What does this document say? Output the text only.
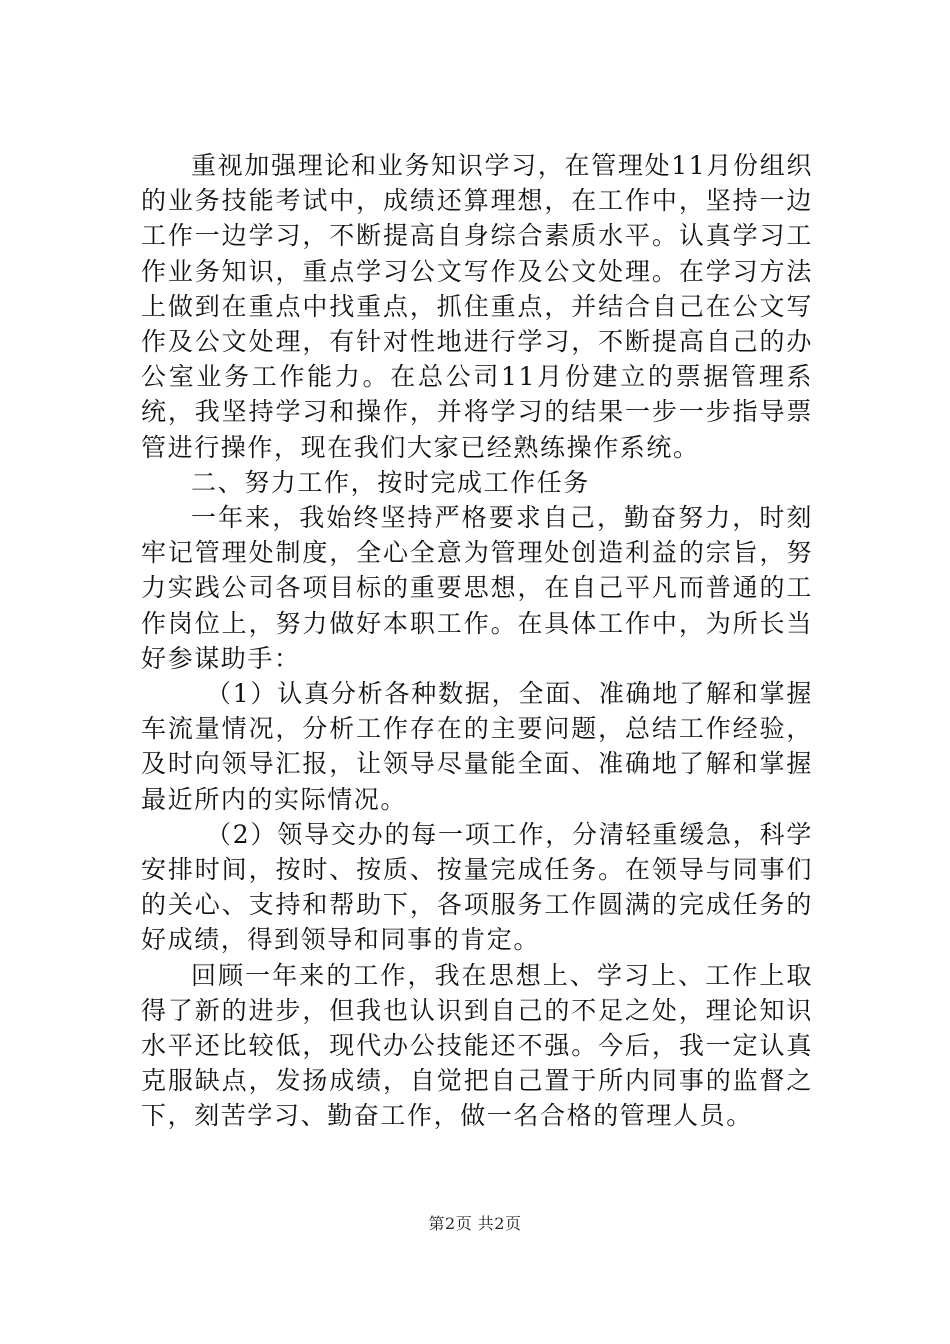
重视加强理论和业务知识学习，在管理处11月份组织的业务技能考试中，成绩还算理想，在工作中，坚持一边工作一边学习，不断提高自身综合素质水平。认真学习工作业务知识，重点学习公文写作及公文处理。在学习方法上做到在重点中找重点，抓住重点，并结合自己在公文写作及公文处理，有针对性地进行学习，不断提高自己的办公室业务工作能力。在总公司11月份建立的票据管理系统，我坚持学习和操作，并将学习的结果一步一步指导票管进行操作，现在我们大家已经熟练操作系统。

二、努力工作，按时完成工作任务

一年来，我始终坚持严格要求自己，勤奋努力，时刻牢记管理处制度，全心全意为管理处创造利益的宗旨，努力实践公司各项目标的重要思想，在自己平凡而普通的工作岗位上，努力做好本职工作。在具体工作中，为所长当好参谋助手：

（1）认真分析各种数据，全面、准确地了解和掌握车流量情况，分析工作存在的主要问题，总结工作经验，及时向领导汇报，让领导尽量能全面、准确地了解和掌握最近所内的实际情况。

（2）领导交办的每一项工作，分清轻重缓急，科学安排时间，按时、按质、按量完成任务。在领导与同事们的关心、支持和帮助下，各项服务工作圆满的完成任务的好成绩，得到领导和同事的肯定。

回顾一年来的工作，我在思想上、学习上、工作上取得了新的进步，但我也认识到自己的不足之处，理论知识水平还比较低，现代办公技能还不强。今后，我一定认真克服缺点，发扬成绩，自觉把自己置于所内同事的监督之下，刻苦学习、勤奋工作，做一名合格的管理人员。

第2页 共2页
